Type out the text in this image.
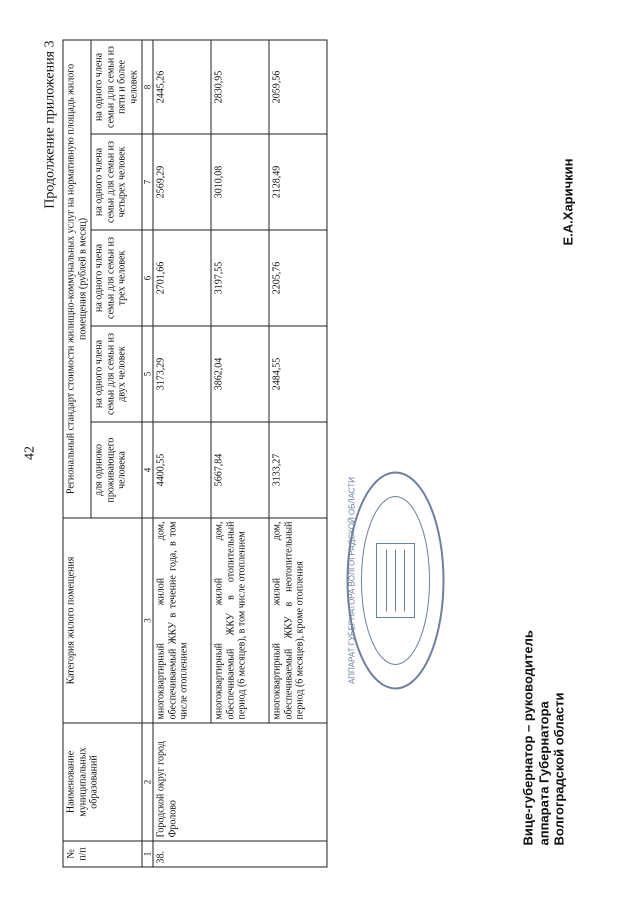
42
Продолжение приложения 3
№ п/п	Наименование муниципальных образований	Категория жилого помещения	Региональный стандарт стоимости жилищно-коммунальных услуг на нормативную площадь жилого помещения (рублей в месяц)				
			для одиноко проживающего человека	на одного члена семьи для семьи из двух человек	на одного члена семьи для семьи из трех человек	на одного члена семьи для семьи из четырех человек	на одного члена семьи для семьи из пяти и более человек
1	2	3	4	5	6	7	8
38.	Городской округ город Фролово	многоквартирный жилой дом, обеспечиваемый ЖКУ в течение года, в том числе отоплением	4400,55	3173,29	2701,66	2569,29	2445,26
		многоквартирный жилой дом, обеспечиваемый ЖКУ в отопительный период (6 месяцев), в том числе отоплением	5667,84	3862,04	3197,55	3010,08	2830,95
		многоквартирный жилой дом, обеспечиваемый ЖКУ в неотопительный период (6 месяцев), кроме отопления	3133,27	2484,55	2205,76	2128,49	2059,56
АППАРАТ ГУБЕРНАТОРА ВОЛГОГРАДСКОЙ ОБЛАСТИ
Вице-губернатор – руководитель аппарата Губернатора Волгоградской области
Е.А.Харичкин
